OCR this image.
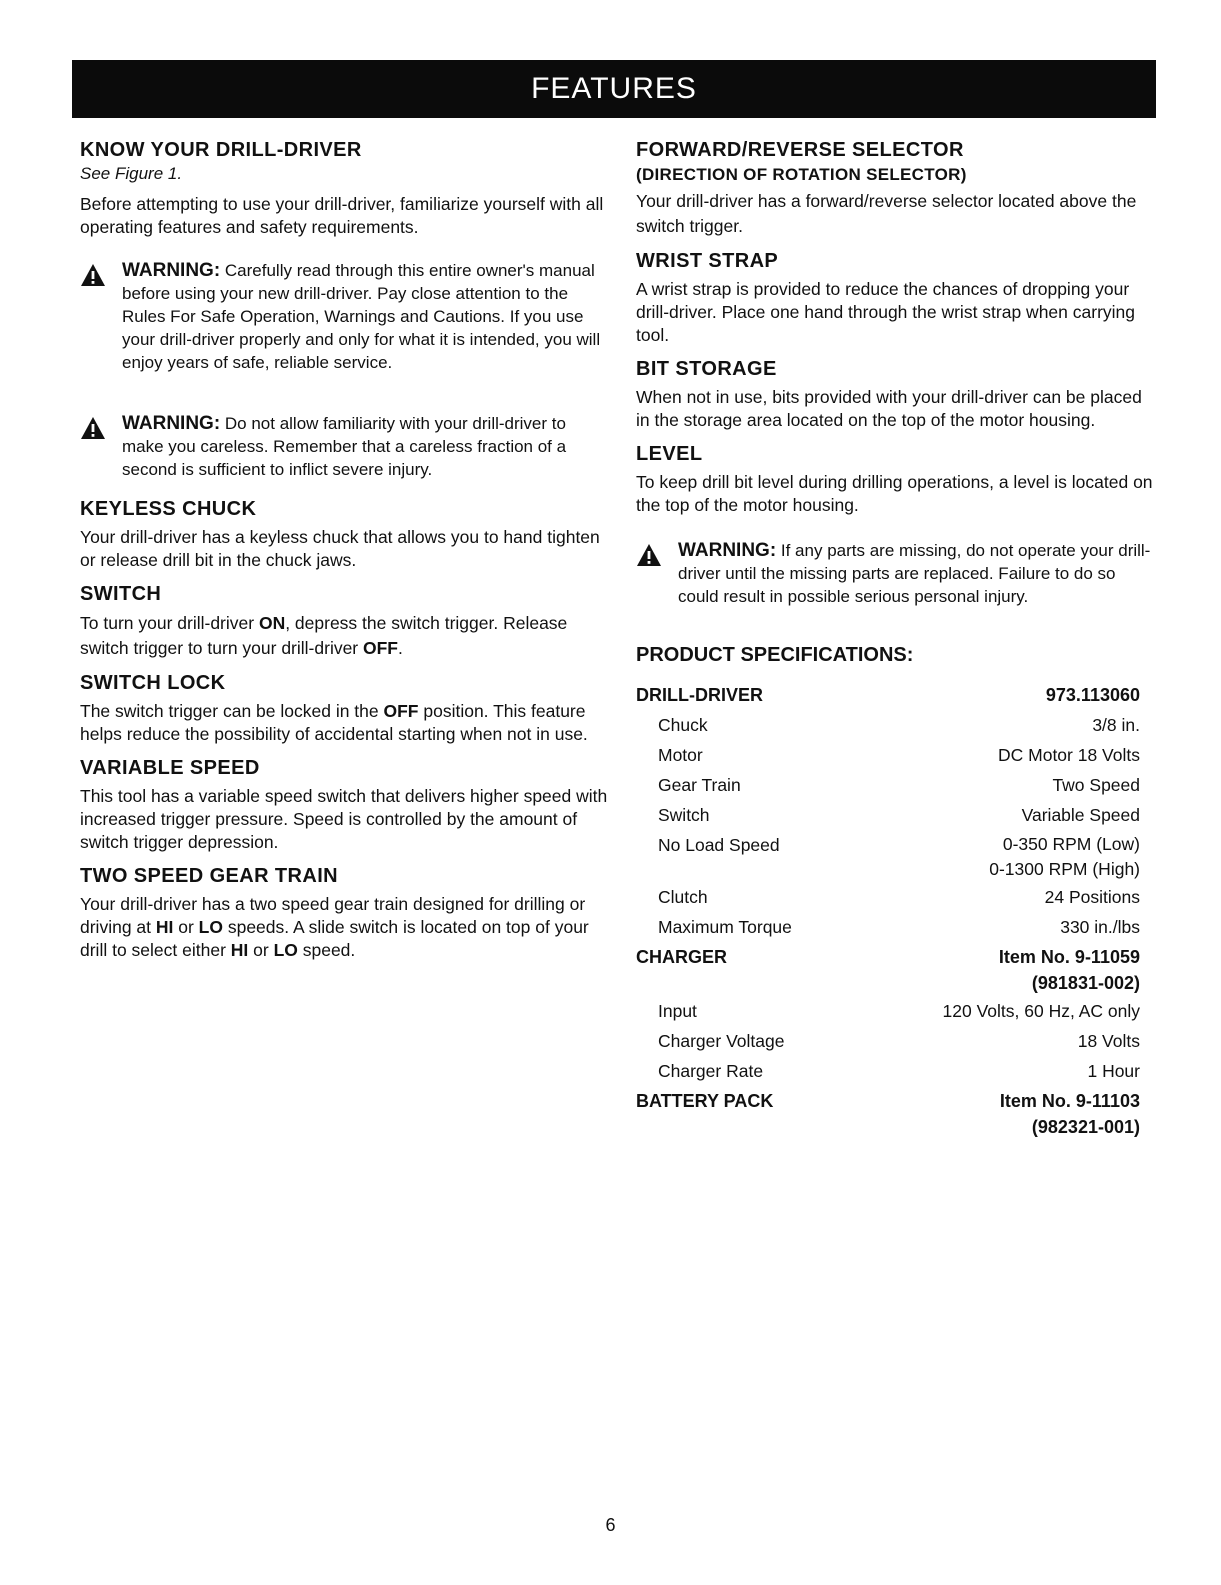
FEATURES
KNOW YOUR DRILL-DRIVER
See Figure 1.

Before attempting to use your drill-driver, familiarize yourself with all operating features and safety requirements.

WARNING: Carefully read through this entire owner's manual before using your new drill-driver. Pay close attention to the Rules For Safe Operation, Warnings and Cautions. If you use your drill-driver properly and only for what it is intended, you will enjoy years of safe, reliable service.
WARNING: Do not allow familiarity with your drill-driver to make you careless. Remember that a careless fraction of a second is sufficient to inflict severe injury.
KEYLESS CHUCK

Your drill-driver has a keyless chuck that allows you to hand tighten or release drill bit in the chuck jaws.

SWITCH

To turn your drill-driver ON, depress the switch trigger. Release switch trigger to turn your drill-driver OFF.

SWITCH LOCK

The switch trigger can be locked in the OFF position. This feature helps reduce the possibility of accidental starting when not in use.

VARIABLE SPEED

This tool has a variable speed switch that delivers higher speed with increased trigger pressure. Speed is controlled by the amount of switch trigger depression.

TWO SPEED GEAR TRAIN

Your drill-driver has a two speed gear train designed for drilling or driving at HI or LO speeds. A slide switch is located on top of your drill to select either HI or LO speed.

FORWARD/REVERSE SELECTOR
(DIRECTION OF ROTATION SELECTOR)

Your drill-driver has a forward/reverse selector located above the switch trigger.

WRIST STRAP

A wrist strap is provided to reduce the chances of dropping your drill-driver. Place one hand through the wrist strap when carrying tool.

BIT STORAGE

When not in use, bits provided with your drill-driver can be placed in the storage area located on the top of the motor housing.

LEVEL

To keep drill bit level during drilling operations, a level is located on the top of the motor housing.

WARNING: If any parts are missing, do not operate your drill-driver until the missing parts are replaced. Failure to do so could result in possible serious personal injury.
PRODUCT SPECIFICATIONS:
DRILL-DRIVER	973.113060
Chuck	3/8 in.
Motor	DC Motor 18 Volts
Gear Train	Two Speed
Switch	Variable Speed
No Load Speed	0-350 RPM (Low)
0-1300 RPM (High)

Clutch	24 Positions
Maximum Torque	330 in./lbs
CHARGER	Item No. 9-11059
(981831-002)

Input	120 Volts, 60 Hz, AC only
Charger Voltage	18 Volts
Charger Rate	1 Hour
BATTERY PACK	Item No. 9-11103
(982321-001)
6
